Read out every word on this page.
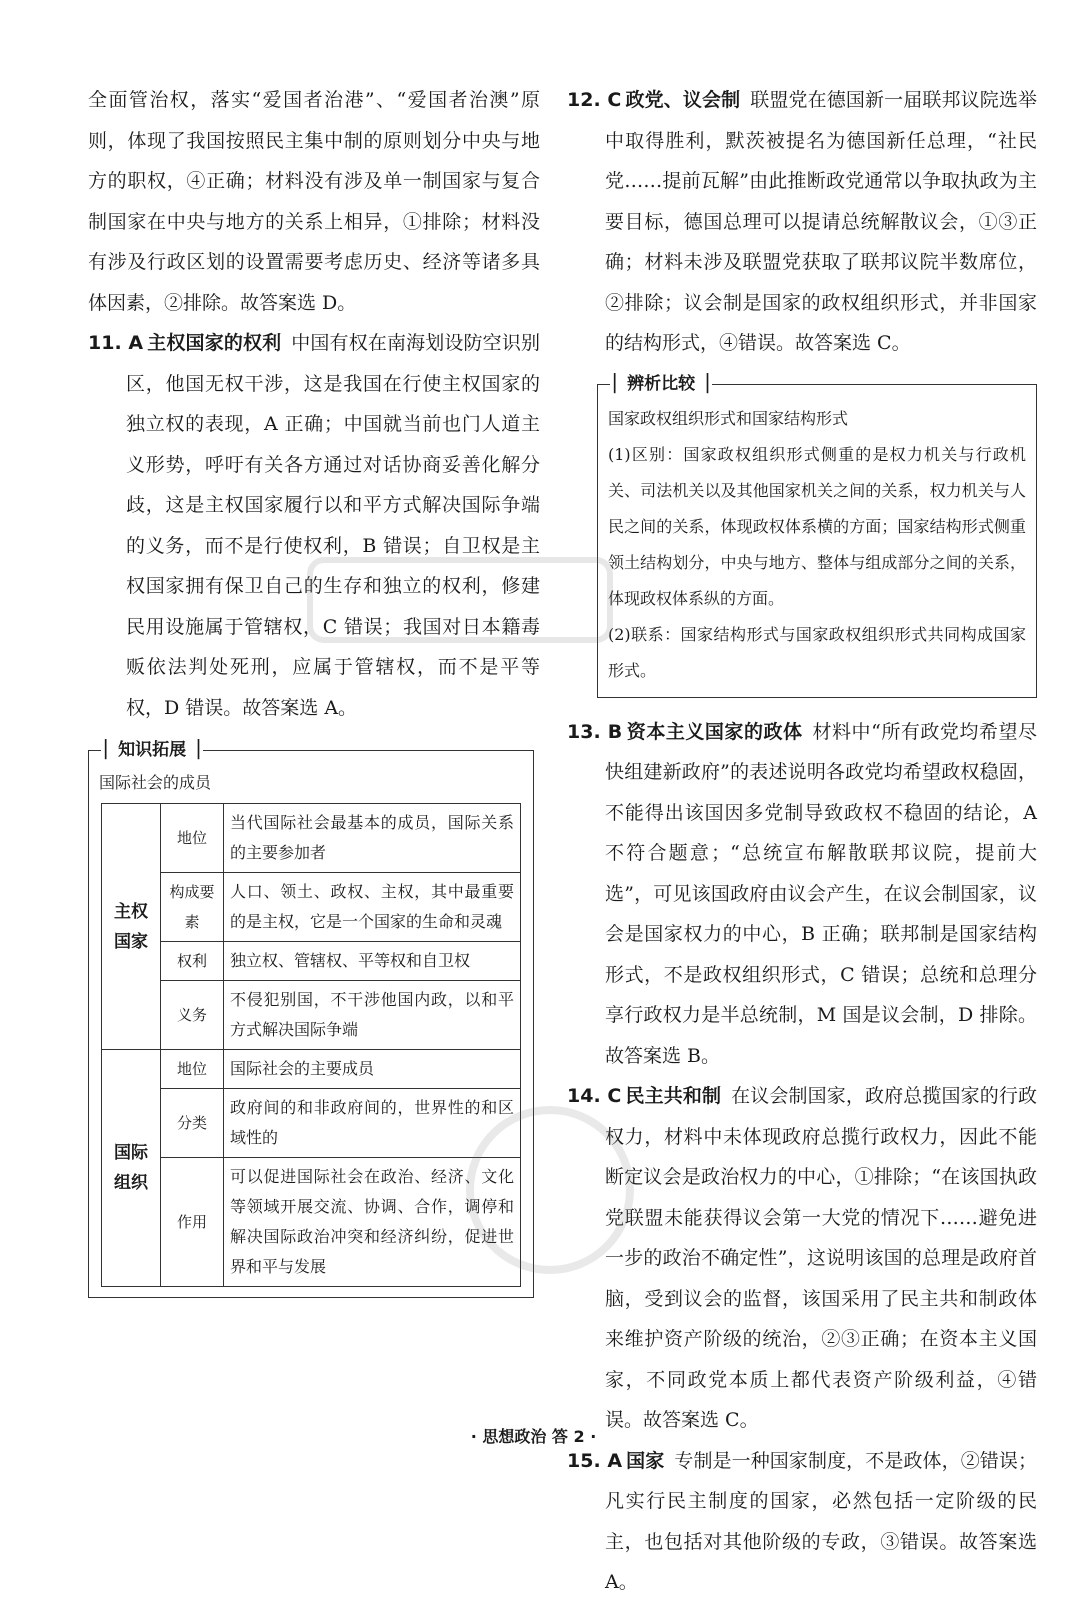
全面管治权，落实“爱国者治港”、“爱国者治澳”原则，体现了我国按照民主集中制的原则划分中央与地方的职权，④正确；材料没有涉及单一制国家与复合制国家在中央与地方的关系上相异，①排除；材料没有涉及行政区划的设置需要考虑历史、经济等诸多具体因素，②排除。故答案选 D。

11. A 主权国家的权利 中国有权在南海划设防空识别区，他国无权干涉，这是我国在行使主权国家的独立权的表现，A 正确；中国就当前也门人道主义形势，呼吁有关各方通过对话协商妥善化解分歧，这是主权国家履行以和平方式解决国际争端的义务，而不是行使权利，B 错误；自卫权是主权国家拥有保卫自己的生存和独立的权利，修建民用设施属于管辖权，C 错误；我国对日本籍毒贩依法判处死刑，应属于管辖权，而不是平等权，D 错误。故答案选 A。

▏ 知识拓展 ▕
国际社会的成员
主权国家	地位	当代国际社会最基本的成员，国际关系的主要参加者
	构成要素	人口、领土、政权、主权，其中最重要的是主权，它是一个国家的生命和灵魂
	权利	独立权、管辖权、平等权和自卫权
	义务	不侵犯别国，不干涉他国内政，以和平方式解决国际争端
国际组织	地位	国际社会的主要成员
	分类	政府间的和非政府间的，世界性的和区域性的
	作用	可以促进国际社会在政治、经济、文化等领域开展交流、协调、合作，调停和解决国际政治冲突和经济纠纷，促进世界和平与发展

12. C 政党、议会制 联盟党在德国新一届联邦议院选举中取得胜利，默茨被提名为德国新任总理，“社民党……提前瓦解”由此推断政党通常以争取执政为主要目标，德国总理可以提请总统解散议会，①③正确；材料未涉及联盟党获取了联邦议院半数席位，②排除；议会制是国家的政权组织形式，并非国家的结构形式，④错误。故答案选 C。

▏ 辨析比较 ▕

国家政权组织形式和国家结构形式

(1)区别：国家政权组织形式侧重的是权力机关与行政机关、司法机关以及其他国家机关之间的关系，权力机关与人民之间的关系，体现政权体系横的方面；国家结构形式侧重领土结构划分，中央与地方、整体与组成部分之间的关系，体现政权体系纵的方面。

(2)联系：国家结构形式与国家政权组织形式共同构成国家形式。

13. B 资本主义国家的政体 材料中“所有政党均希望尽快组建新政府”的表述说明各政党均希望政权稳固，不能得出该国因多党制导致政权不稳固的结论，A 不符合题意；“总统宣布解散联邦议院，提前大选”，可见该国政府由议会产生，在议会制国家，议会是国家权力的中心，B 正确；联邦制是国家结构形式，不是政权组织形式，C 错误；总统和总理分享行政权力是半总统制，M 国是议会制，D 排除。故答案选 B。

14. C 民主共和制 在议会制国家，政府总揽国家的行政权力，材料中未体现政府总揽行政权力，因此不能断定议会是政治权力的中心，①排除；“在该国执政党联盟未能获得议会第一大党的情况下……避免进一步的政治不确定性”，这说明该国的总理是政府首脑，受到议会的监督，该国采用了民主共和制政体来维护资产阶级的统治，②③正确；在资本主义国家，不同政党本质上都代表资产阶级利益，④错误。故答案选 C。

15. A 国家 专制是一种国家制度，不是政体，②错误；凡实行民主制度的国家，必然包括一定阶级的民主，也包括对其他阶级的专政，③错误。故答案选 A。

· 思想政治 答 2 ·
